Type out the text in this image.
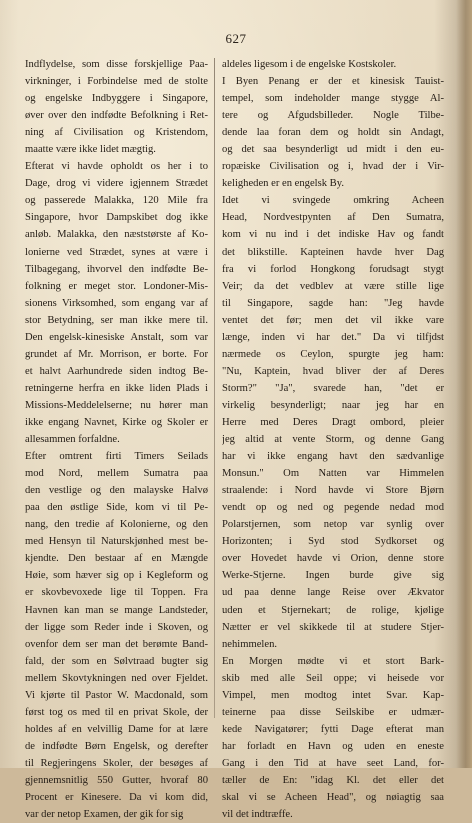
627
Indflydelse, som disse forskjellige Paa-
virkninger, i Forbindelse med de stolte
og engelske Indbyggere i Singapore,
øver over den indfødte Befolkning i Ret-
ning af Civilisation og Kristendom,
maatte være ikke lidet mægtig.
Efterat vi havde opholdt os her i to
Dage, drog vi videre igjennem Strædet
og passerede Malakka, 120 Mile fra
Singapore, hvor Dampskibet dog ikke
anløb. Malakka, den næststørste af Ko-
lonierne ved Strædet, synes at være i
Tilbagegang, ihvorvel den indfødte Be-
folkning er meget stor. Londoner-Mis-
sionens Virksomhed, som engang var af
stor Betydning, ser man ikke mere til.
Den engelsk-kinesiske Anstalt, som var
grundet af Mr. Morrison, er borte. For
et halvt Aarhundrede siden indtog Be-
retningerne herfra en ikke liden Plads i
Missions-Meddelelserne; nu hører man
ikke engang Navnet, Kirke og Skoler er
allesammen forfaldne.
Efter omtrent firti Timers Seilads
mod Nord, mellem Sumatra paa
den vestlige og den malayske Halvø
paa den østlige Side, kom vi til Pe-
nang, den tredie af Kolonierne, og den
med Hensyn til Naturskjønhed mest be-
kjendte. Den bestaar af en Mængde
Høie, som hæver sig op i Kegleform og
er skovbevoxede lige til Toppen. Fra
Havnen kan man se mange Landsteder,
der ligge som Reder inde i Skoven, og
ovenfor dem ser man det berømte Band-
fald, der som en Sølvtraad bugter sig
mellem Skovtykningen ned over Fjeldet.
Vi kjørte til Pastor W. Macdonald, som
først tog os med til en privat Skole, der
holdes af en velvillig Dame for at lære
de indfødte Børn Engelsk, og derefter
til Regjeringens Skoler, der besøges af
gjennemsnitlig 550 Gutter, hvoraf 80
Procent er Kinesere. Da vi kom did,
var der netop Examen, der gik for sig
aldeles ligesom i de engelske Kostskoler.
I Byen Penang er der et kinesisk Tauist-
tempel, som indeholder mange stygge Al-
tere og Afgudsbilleder. Nogle Tilbe-
dende laa foran dem og holdt sin Andagt,
og det saa besynderligt ud midt i den eu-
ropæiske Civilisation og i, hvad der i Vir-
keligheden er en engelsk By.
Idet vi svingede omkring Acheen
Head, Nordvestpynten af Den Sumatra,
kom vi nu ind i det indiske Hav og fandt
det blikstille. Kapteinen havde hver Dag
fra vi forlod Hongkong forudsagt stygt
Veir; da det vedblev at være stille lige
til Singapore, sagde han: "Jeg havde
ventet det før; men det vil ikke vare
længe, inden vi har det." Da vi tilfjdst
nærmede os Ceylon, spurgte jeg ham:
"Nu, Kaptein, hvad bliver der af Deres
Storm?" "Ja", svarede han, "det er
virkelig besynderligt; naar jeg har en
Herre med Deres Dragt ombord, pleier
jeg altid at vente Storm, og denne Gang
har vi ikke engang havt den sædvanlige
Monsun." Om Natten var Himmelen
straalende: i Nord havde vi Store Bjørn
vendt op og ned og pegende nedad mod
Polarstjernen, som netop var synlig over
Horizonten; i Syd stod Sydkorset og
over Hovedet havde vi Orion, denne store
Werke-Stjerne. Ingen burde give sig
ud paa denne lange Reise over Ækvator
uden et Stjernekart; de rolige, kjølige
Nætter er vel skikkede til at studere Stjer-
nehimmelen.
En Morgen mødte vi et stort Bark-
skib med alle Seil oppe; vi heisede vor
Vimpel, men modtog intet Svar. Kap-
teinerne paa disse Seilskibe er udmær-
kede Navigatører; fytti Dage efterat man
har forladt en Havn og uden en eneste
Gang i den Tid at have seet Land, for-
tæller de En: "idag Kl. det eller det
skal vi se Acheen Head", og nøiagtig saa
vil det indtræffe.
